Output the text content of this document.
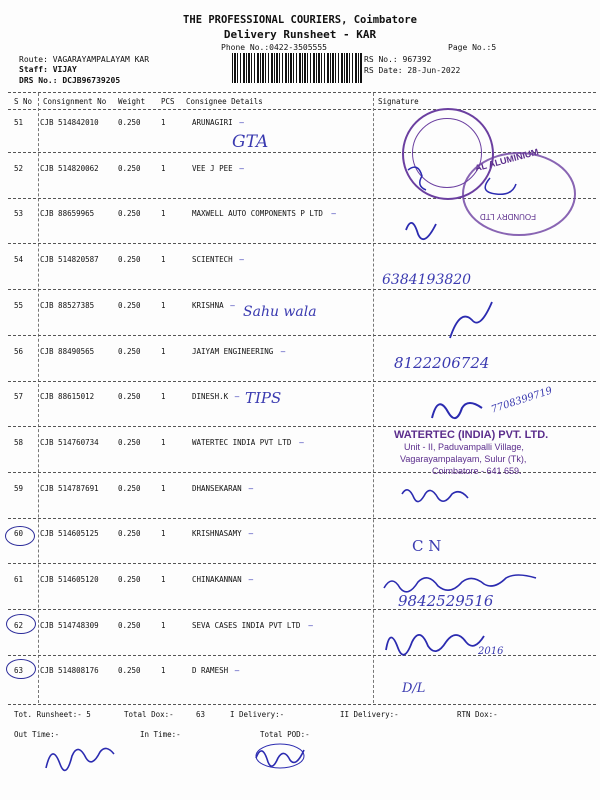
THE PROFESSIONAL COURIERS, Coimbatore
Delivery Runsheet - KAR
Phone No.:0422-3505555	Page No.:5
Route: VAGARAYAMPALAYAM KAR
Staff: VIJAY
DRS No.: DCJB96739205
RS No.: 967392
RS Date: 28-Jun-2022
S No Consignment No Weight PCS Consignee Details	Signature
51 CJB 514842010	0.250	1	ARUNAGIRI –
52 CJB 514820062	0.250	1	VEE J PEE –
53 CJB 88659965	0.250	1	MAXWELL AUTO COMPONENTS P LTD –
54 CJB 514820587	0.250	1	SCIENTECH –
55 CJB 88527385	0.250	1	KRISHNA –
56 CJB 88490565	0.250	1	JAIYAM ENGINEERING –
57 CJB 88615012	0.250	1	DINESH.K –
58 CJB 514760734	0.250	1	WATERTEC INDIA PVT LTD –
59 CJB 514787691	0.250	1	DHANSEKARAN –
60 CJB 514605125	0.250	1	KRISHNASAMY –
61 CJB 514605120	0.250	1	CHINAKANNAN –
62 CJB 514748309	0.250	1	SEVA CASES INDIA PVT LTD –
63 CJB 514808176	0.250	1	D RAMESH –
GTA
Sahu wala
TIPS
AL ALUMINIUM
FOUNDRY LTD
6384193820
8122206724
7708399719
WATERTEC (INDIA) PVT. LTD.
Unit - II, Paduvampalli Village,
Vagarayampalayam, Sulur (Tk),
Coimbatore - 641 659.
C N
9842529516
2016
D/L
Tot. Runsheet:- 5	Total Dox:-	63	I Delivery:-	II Delivery:-	RTN Dox:-
Out Time:-	In Time:-	Total POD:-
